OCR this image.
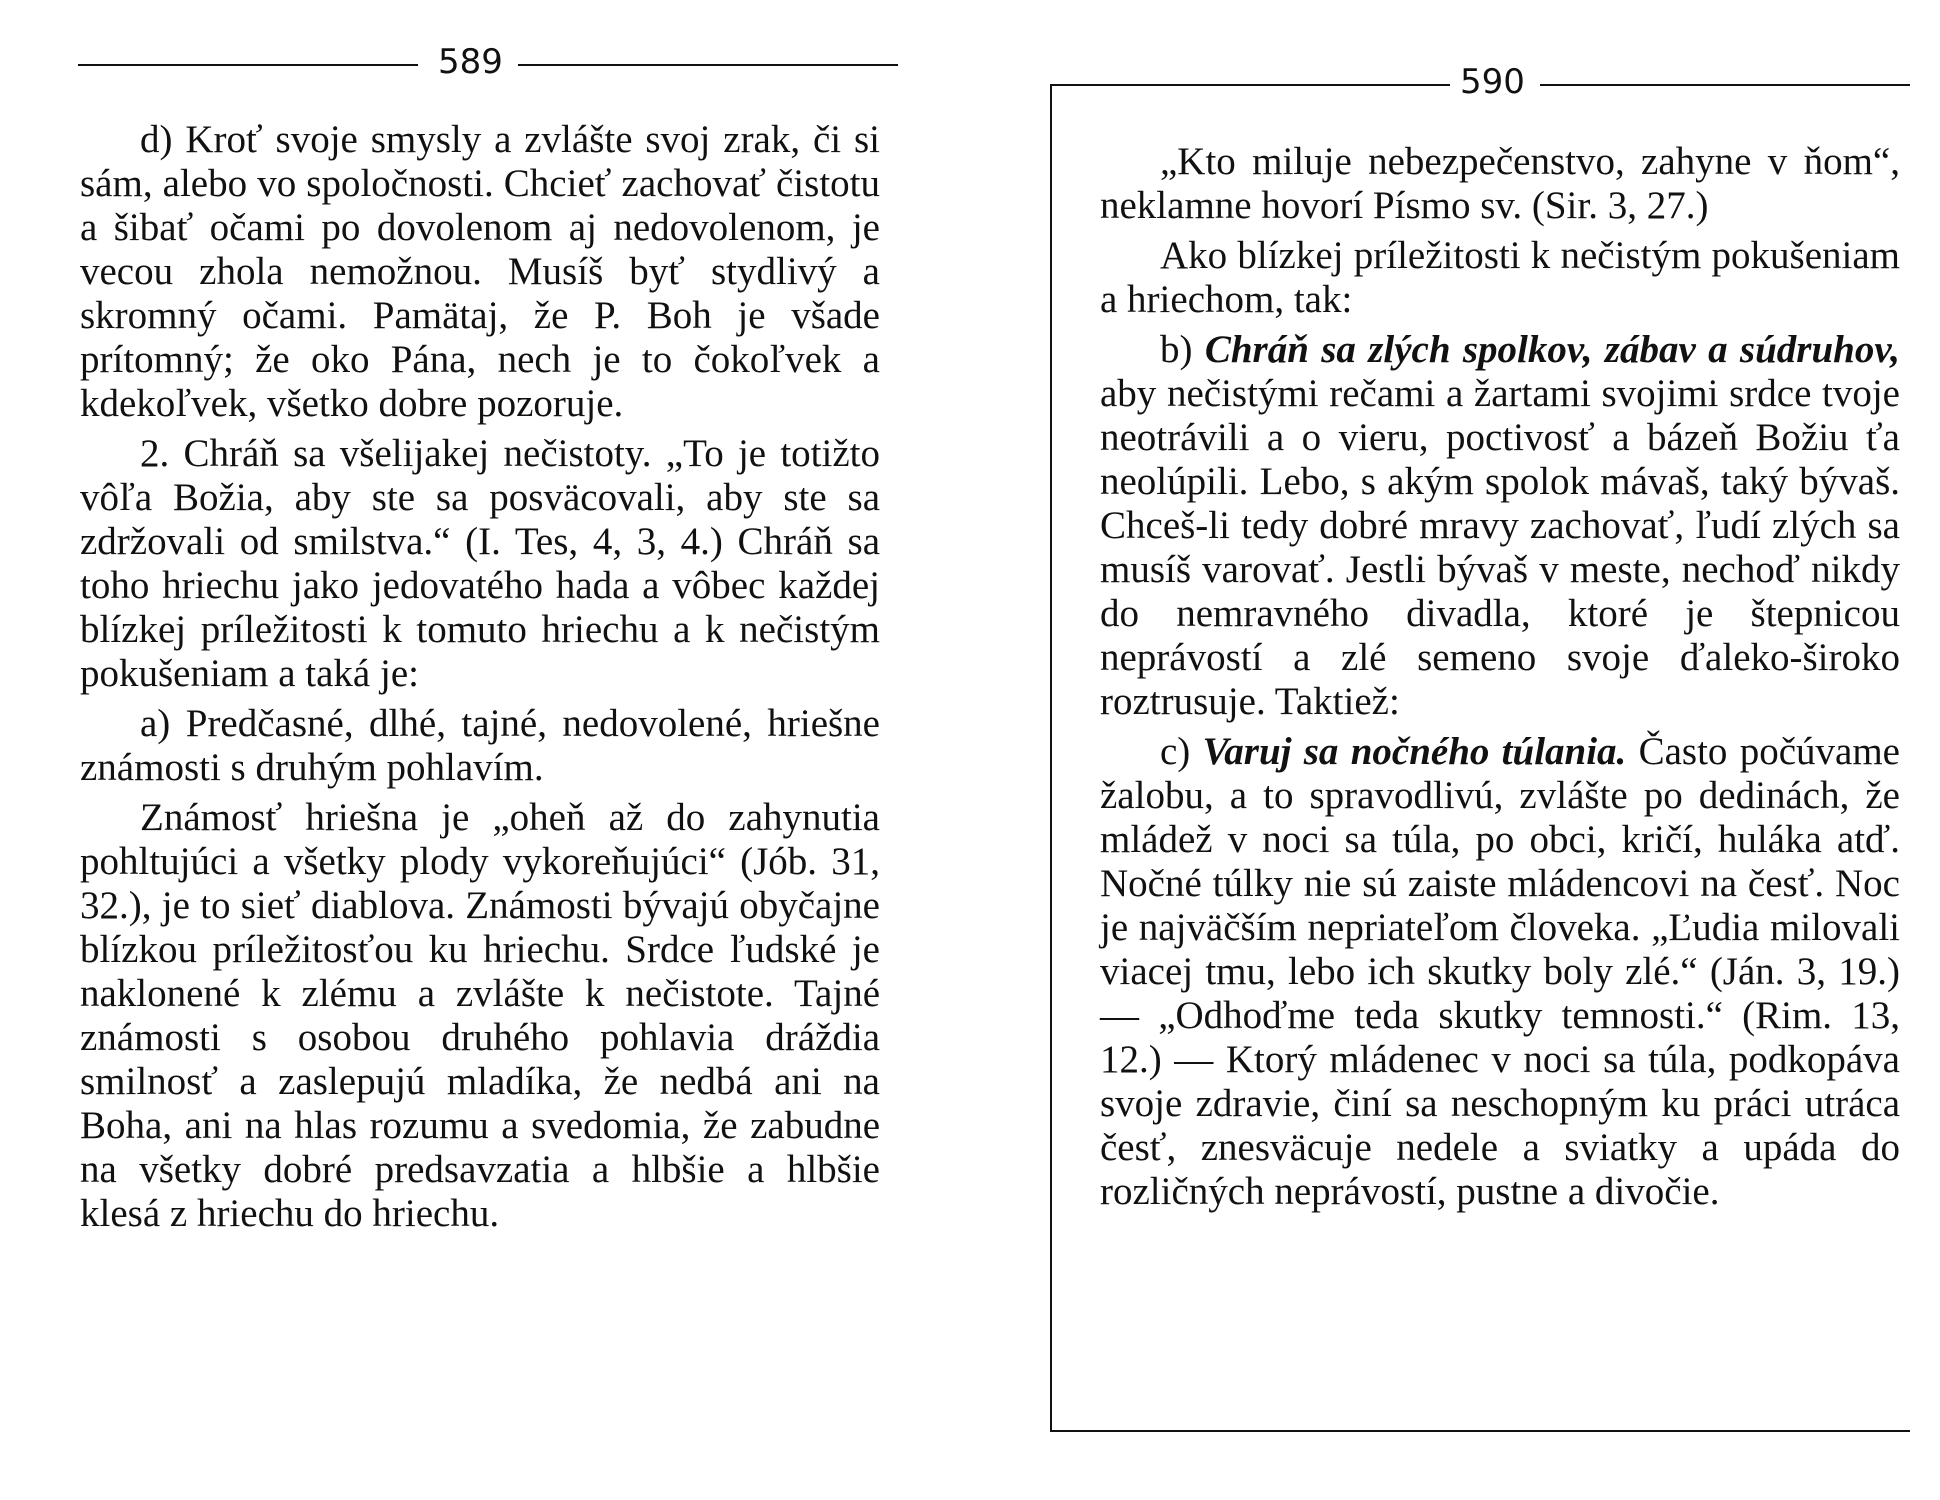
589

d) Kroť svoje smysly a zvlášte svoj zrak, či si sám, alebo vo spoločnosti. Chcieť zachovať čistotu a šibať očami po dovolenom aj nedovolenom, je vecou zhola nemožnou. Musíš byť stydlivý a skromný očami. Pamätaj, že P. Boh je všade prítomný; že oko Pána, nech je to čokoľvek a kdekoľvek, všetko dobre pozoruje.

2. Chráň sa všelijakej nečistoty. „To je totižto vôľa Božia, aby ste sa posväcovali, aby ste sa zdržovali od smilstva.“ (I. Tes, 4, 3, 4.) Chráň sa toho hriechu jako jedovatého hada a vôbec každej blízkej príležitosti k tomuto hriechu a k nečistým pokušeniam a taká je:

a) Predčasné, dlhé, tajné, nedovolené, hriešne známosti s druhým pohlavím.

Známosť hriešna je „oheň až do zahynutia pohltujúci a všetky plody vykoreňujúci“ (Jób. 31, 32.), je to sieť diablova. Známosti bývajú obyčajne blízkou príležitosťou ku hriechu. Srdce ľudské je naklonené k zlému a zvlášte k nečistote. Tajné známosti s osobou druhého pohlavia dráždia smilnosť a zaslepujú mladíka, že nedbá ani na Boha, ani na hlas rozumu a svedomia, že zabudne na všetky dobré predsavzatia a hlbšie a hlbšie klesá z hriechu do hriechu.

590

„Kto miluje nebezpečenstvo, zahyne v ňom“, neklamne hovorí Písmo sv. (Sir. 3, 27.)

Ako blízkej príležitosti k nečistým pokušeniam a hriechom, tak:

b) Chráň sa zlých spolkov, zábav a súdruhov, aby nečistými rečami a žartami svojimi srdce tvoje neotrávili a o vieru, poctivosť a bázeň Božiu ťa neolúpili. Lebo, s akým spolok mávaš, taký bývaš. Chceš-li tedy dobré mravy zachovať, ľudí zlých sa musíš varovať. Jestli bývaš v meste, nechoď nikdy do nemravného divadla, ktoré je štepnicou neprávostí a zlé semeno svoje ďaleko-široko roztrusuje. Taktiež:

c) Varuj sa nočného túlania. Často počúvame žalobu, a to spravodlivú, zvlášte po dedinách, že mládež v noci sa túla, po obci, kričí, huláka atď. Nočné túlky nie sú zaiste mládencovi na česť. Noc je najväčším nepriateľom človeka. „Ľudia milovali viacej tmu, lebo ich skutky boly zlé.“ (Ján. 3, 19.) — „Odhoďme teda skutky temnosti.“ (Rim. 13, 12.) — Ktorý mládenec v noci sa túla, podkopáva svoje zdravie, činí sa neschopným ku práci utráca česť, znesväcuje nedele a sviatky a upáda do rozličných neprávostí, pustne a divočie.
